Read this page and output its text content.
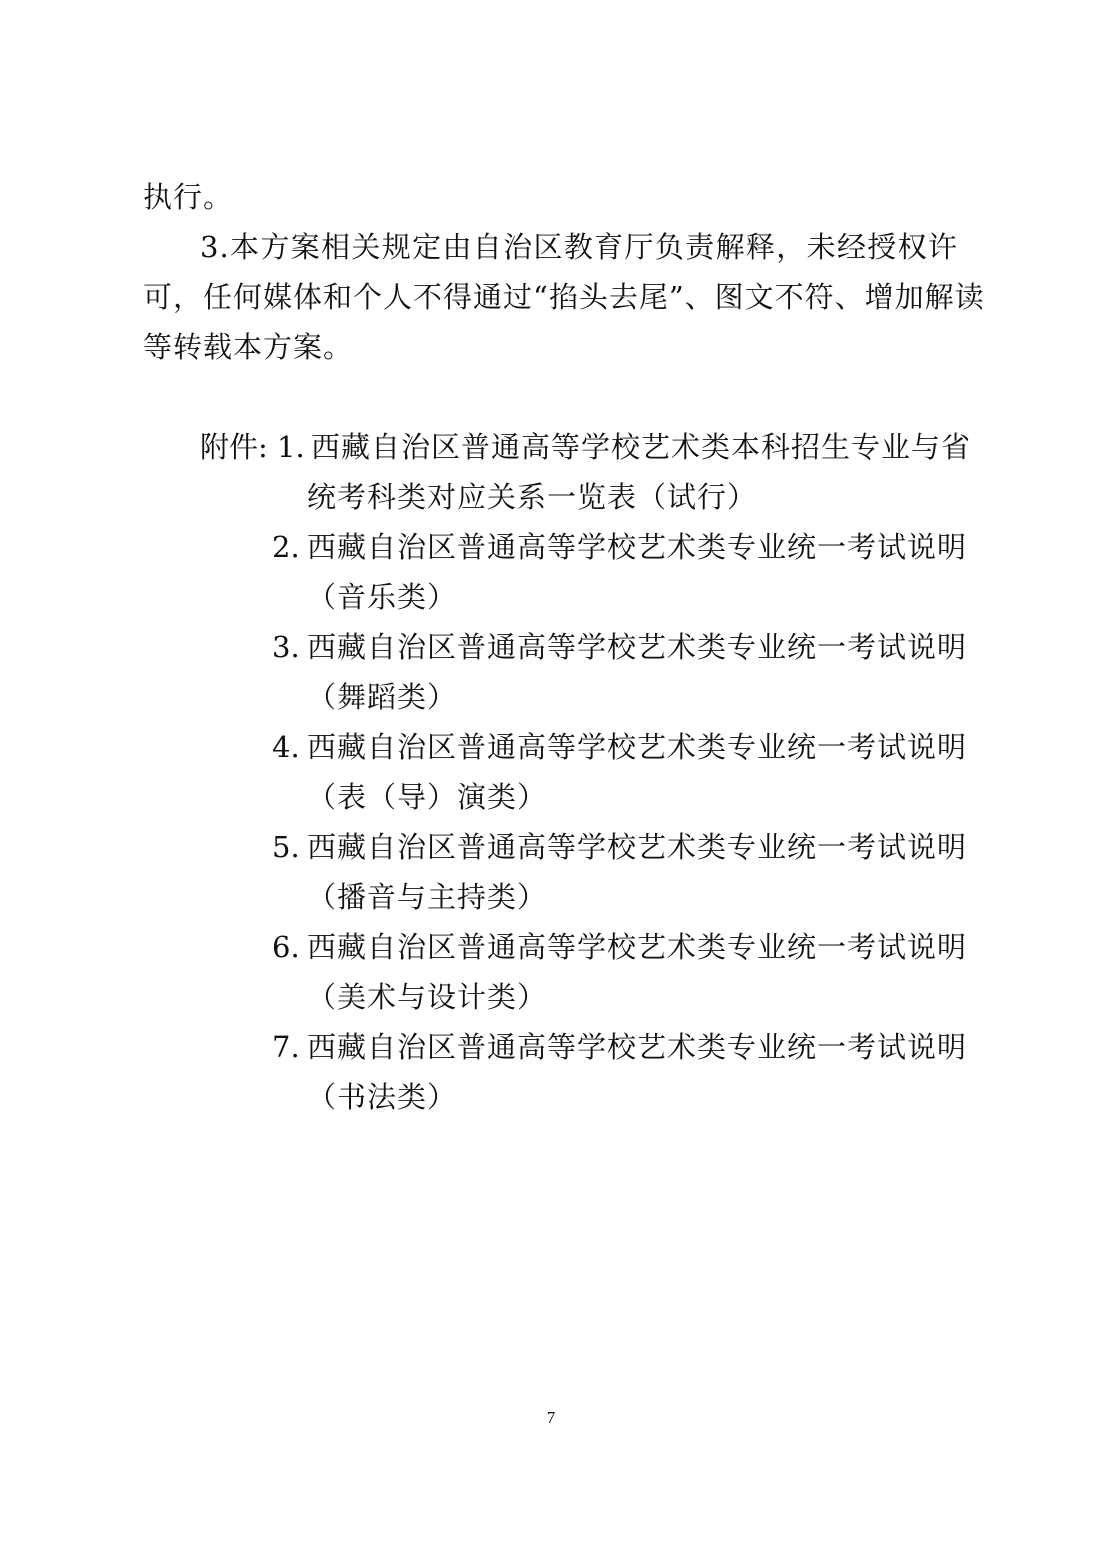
执行。
3.本方案相关规定由自治区教育厅负责解释，未经授权许
可，任何媒体和个人不得通过“掐头去尾”、图文不符、增加解读
等转载本方案。
附件: 1. 西藏自治区普通高等学校艺术类本科招生专业与省
统考科类对应关系一览表（试行）
2. 西藏自治区普通高等学校艺术类专业统一考试说明
（音乐类）
3. 西藏自治区普通高等学校艺术类专业统一考试说明
（舞蹈类）
4. 西藏自治区普通高等学校艺术类专业统一考试说明
（表（导）演类）
5. 西藏自治区普通高等学校艺术类专业统一考试说明
（播音与主持类）
6. 西藏自治区普通高等学校艺术类专业统一考试说明
（美术与设计类）
7. 西藏自治区普通高等学校艺术类专业统一考试说明
（书法类）
7
